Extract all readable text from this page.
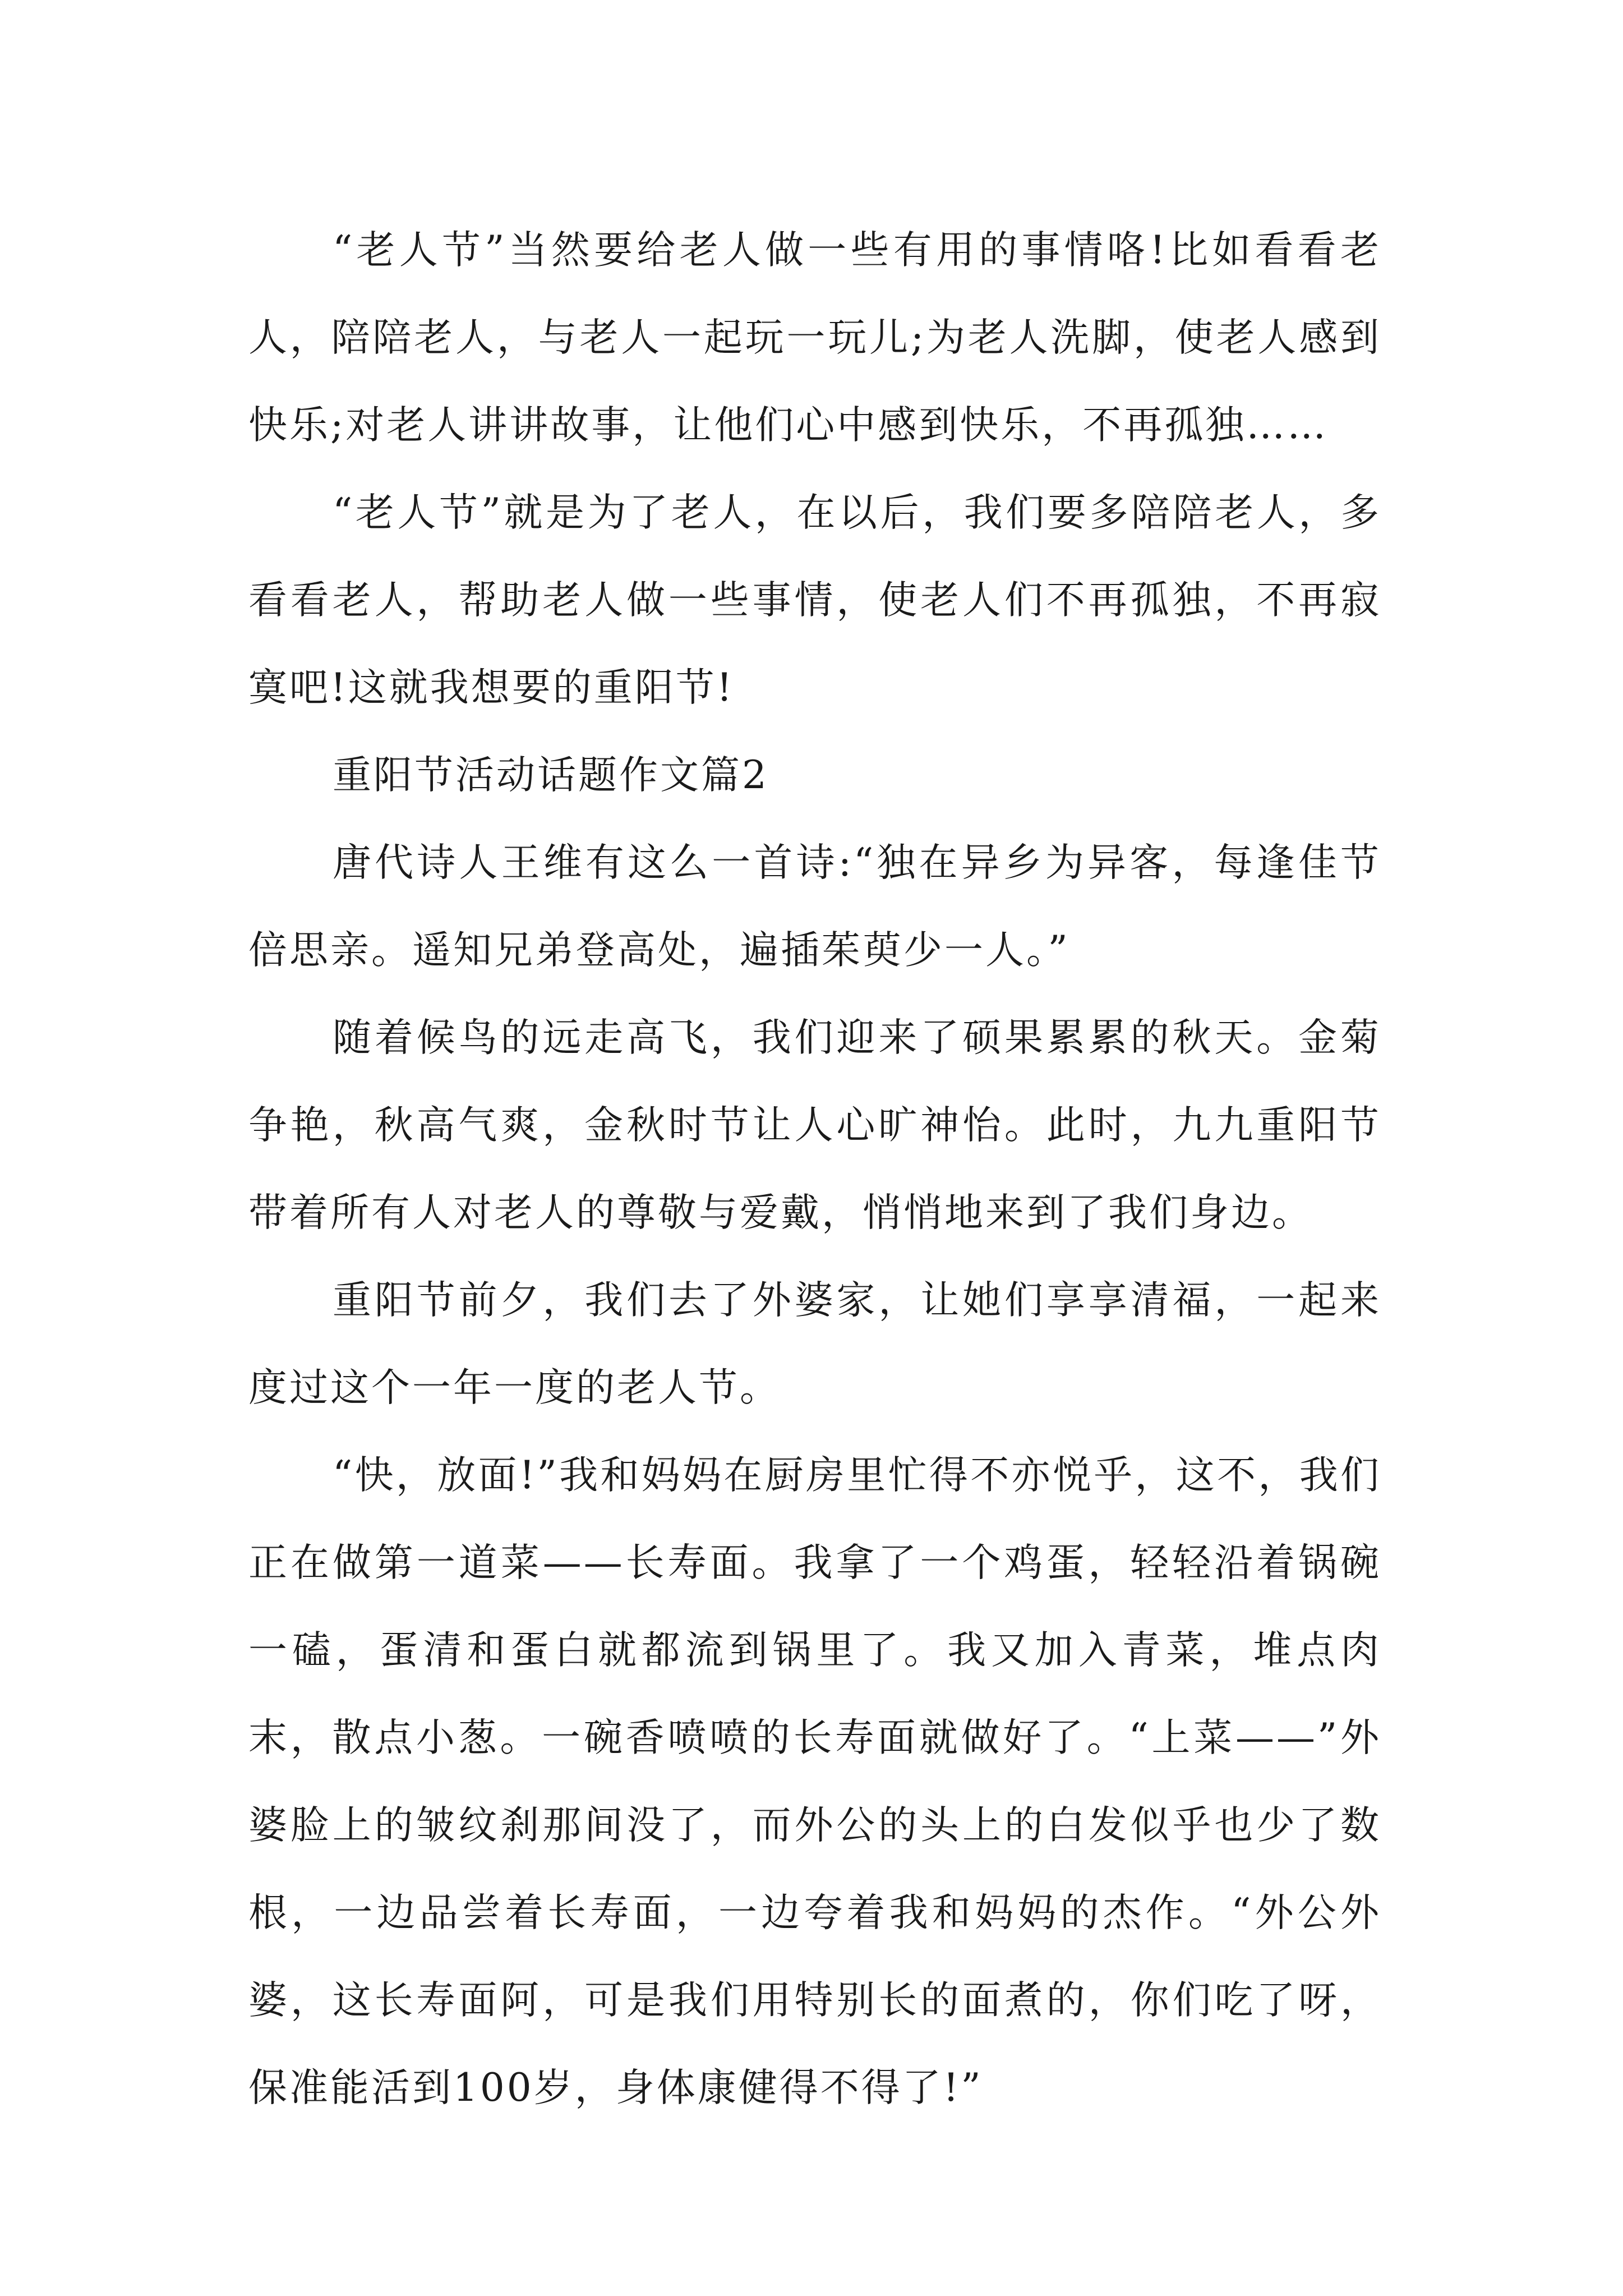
“老人节”当然要给老人做一些有用的事情咯!比如看看老人，陪陪老人，与老人一起玩一玩儿;为老人洗脚，使老人感到快乐;对老人讲讲故事，让他们心中感到快乐，不再孤独……

“老人节”就是为了老人，在以后，我们要多陪陪老人，多看看老人，帮助老人做一些事情，使老人们不再孤独，不再寂寞吧!这就我想要的重阳节!

重阳节活动话题作文篇2

唐代诗人王维有这么一首诗:“独在异乡为异客，每逢佳节倍思亲。遥知兄弟登高处，遍插茱萸少一人。”

随着候鸟的远走高飞，我们迎来了硕果累累的秋天。金菊争艳，秋高气爽，金秋时节让人心旷神怡。此时，九九重阳节带着所有人对老人的尊敬与爱戴，悄悄地来到了我们身边。

重阳节前夕，我们去了外婆家，让她们享享清福，一起来度过这个一年一度的老人节。

“快，放面!”我和妈妈在厨房里忙得不亦悦乎，这不，我们正在做第一道菜——长寿面。我拿了一个鸡蛋，轻轻沿着锅碗一磕，蛋清和蛋白就都流到锅里了。我又加入青菜，堆点肉末，散点小葱。一碗香喷喷的长寿面就做好了。“上菜——”外婆脸上的皱纹刹那间没了，而外公的头上的白发似乎也少了数根，一边品尝着长寿面，一边夸着我和妈妈的杰作。“外公外婆，这长寿面阿，可是我们用特别长的面煮的，你们吃了呀，保准能活到100岁，身体康健得不得了!”
